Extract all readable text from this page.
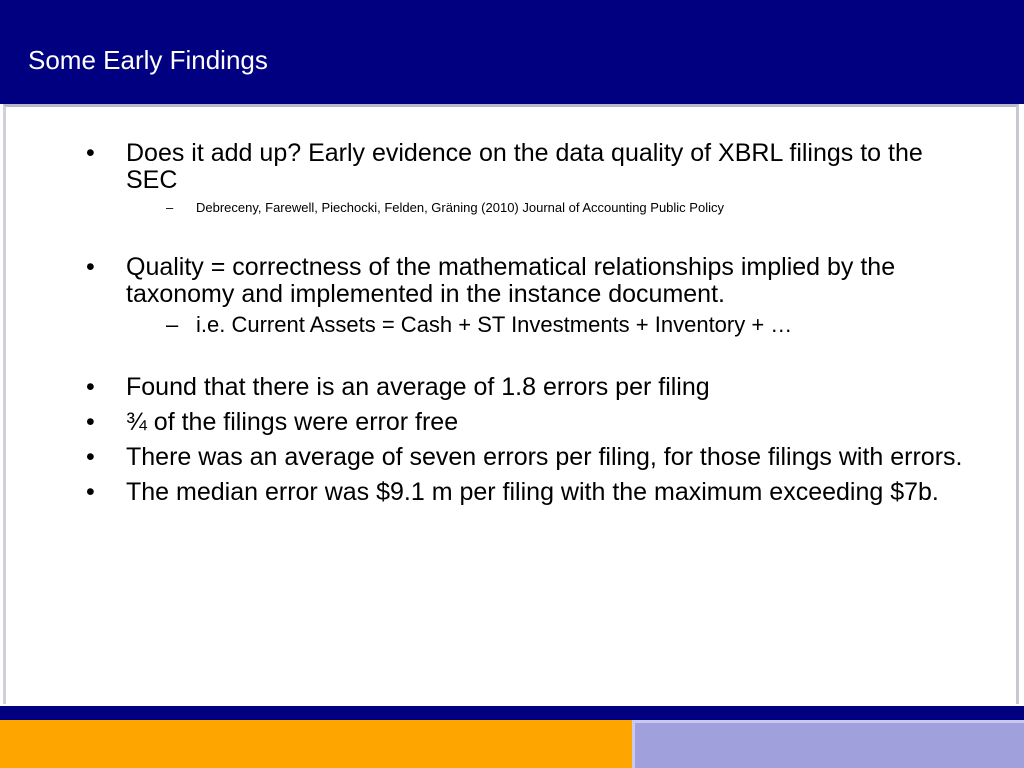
Some Early Findings
•	Does it add up? Early evidence on the data quality of XBRL filings to the SEC
– Debreceny, Farewell, Piechocki, Felden, Gräning (2010) Journal of Accounting Public Policy
•	Quality = correctness of the mathematical relationships implied by the taxonomy and implemented in the instance document.
– i.e. Current Assets = Cash + ST Investments + Inventory + …
•	Found that there is an average of 1.8 errors per filing
•	¾ of the filings were error free
•	There was an average of seven errors per filing, for those filings with errors.
•	The median error was $9.1 m per filing with the maximum exceeding $7b.
